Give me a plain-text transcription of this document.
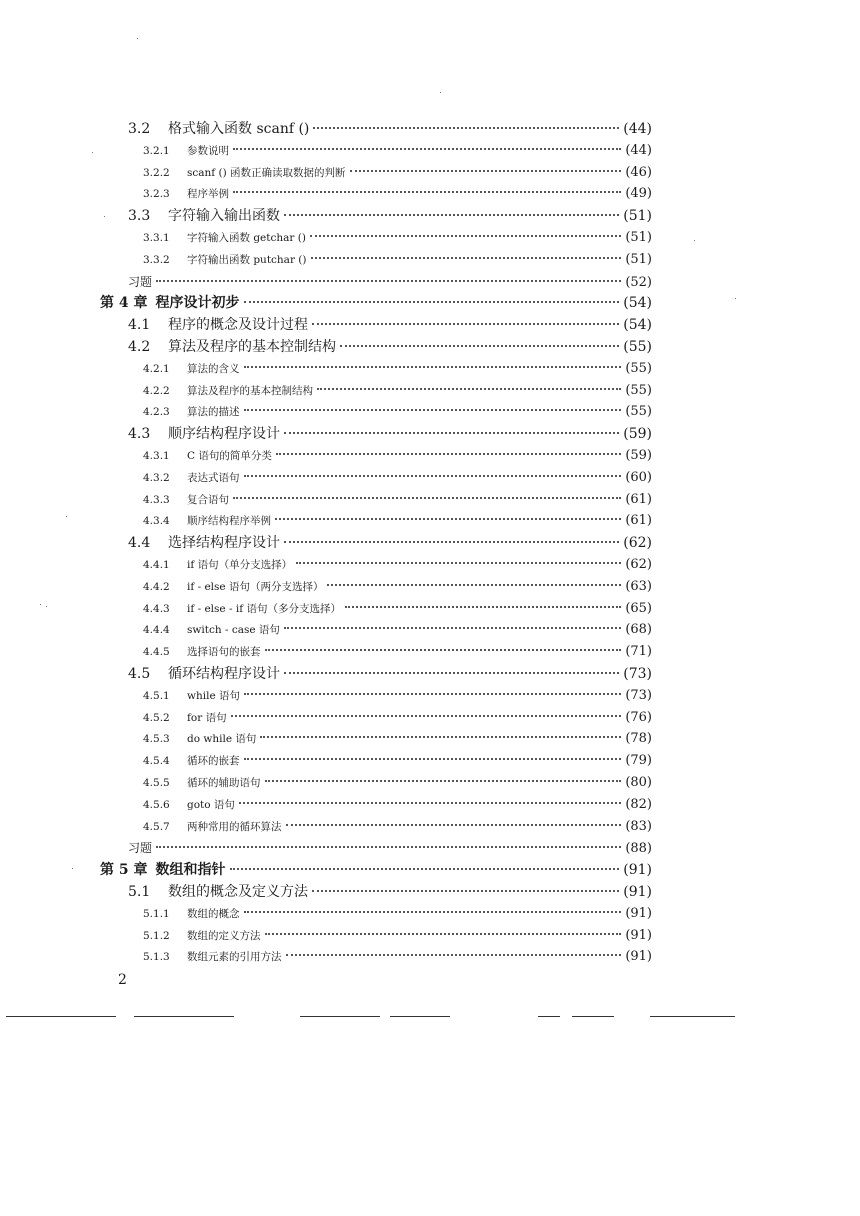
3.2	格式输入函数 scanf ()	(44)
3.2.1	参数说明	(44)
3.2.2	scanf () 函数正确读取数据的判断	(46)
3.2.3	程序举例	(49)
3.3	字符输入输出函数	(51)
3.3.1	字符输入函数 getchar ()	(51)
3.3.2	字符输出函数 putchar ()	(51)
习题	(52)
第 4 章 程序设计初步	(54)
4.1	程序的概念及设计过程	(54)
4.2	算法及程序的基本控制结构	(55)
4.2.1	算法的含义	(55)
4.2.2	算法及程序的基本控制结构	(55)
4.2.3	算法的描述	(55)
4.3	顺序结构程序设计	(59)
4.3.1	C 语句的简单分类	(59)
4.3.2	表达式语句	(60)
4.3.3	复合语句	(61)
4.3.4	顺序结构程序举例	(61)
4.4	选择结构程序设计	(62)
4.4.1	if 语句（单分支选择）	(62)
4.4.2	if - else 语句（两分支选择）	(63)
4.4.3	if - else - if 语句（多分支选择）	(65)
4.4.4	switch - case 语句	(68)
4.4.5	选择语句的嵌套	(71)
4.5	循环结构程序设计	(73)
4.5.1	while 语句	(73)
4.5.2	for 语句	(76)
4.5.3	do while 语句	(78)
4.5.4	循环的嵌套	(79)
4.5.5	循环的辅助语句	(80)
4.5.6	goto 语句	(82)
4.5.7	两种常用的循环算法	(83)
习题	(88)
第 5 章 数组和指针	(91)
5.1	数组的概念及定义方法	(91)
5.1.1	数组的概念	(91)
5.1.2	数组的定义方法	(91)
5.1.3	数组元素的引用方法	(91)
2
